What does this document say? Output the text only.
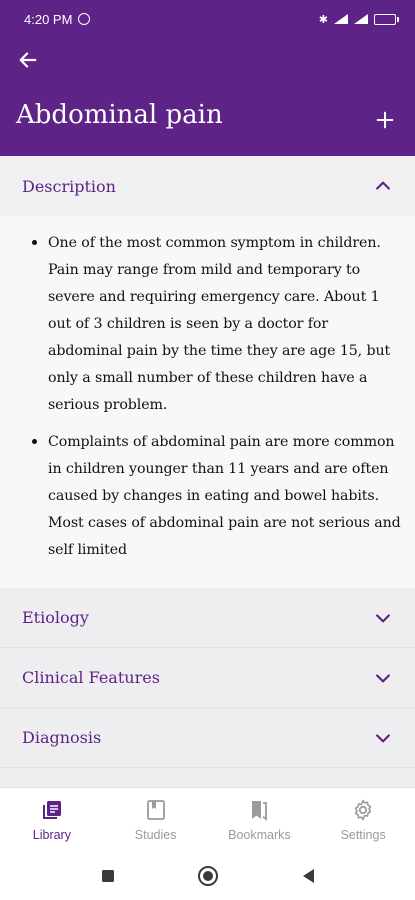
4:20 PM	✱
Abdominal pain
Description

One of the most common symptom in children. Pain may range from mild and temporary to severe and requiring emergency care. About 1 out of 3 children is seen by a doctor for abdominal pain by the time they are age 15, but only a small number of these children have a serious problem.

Complaints of abdominal pain are more common in children younger than 11 years and are often caused by changes in eating and bowel habits. Most cases of abdominal pain are not serious and self limited

Etiology
Clinical Features
Diagnosis
Library	Studies	Bookmarks	Settings
